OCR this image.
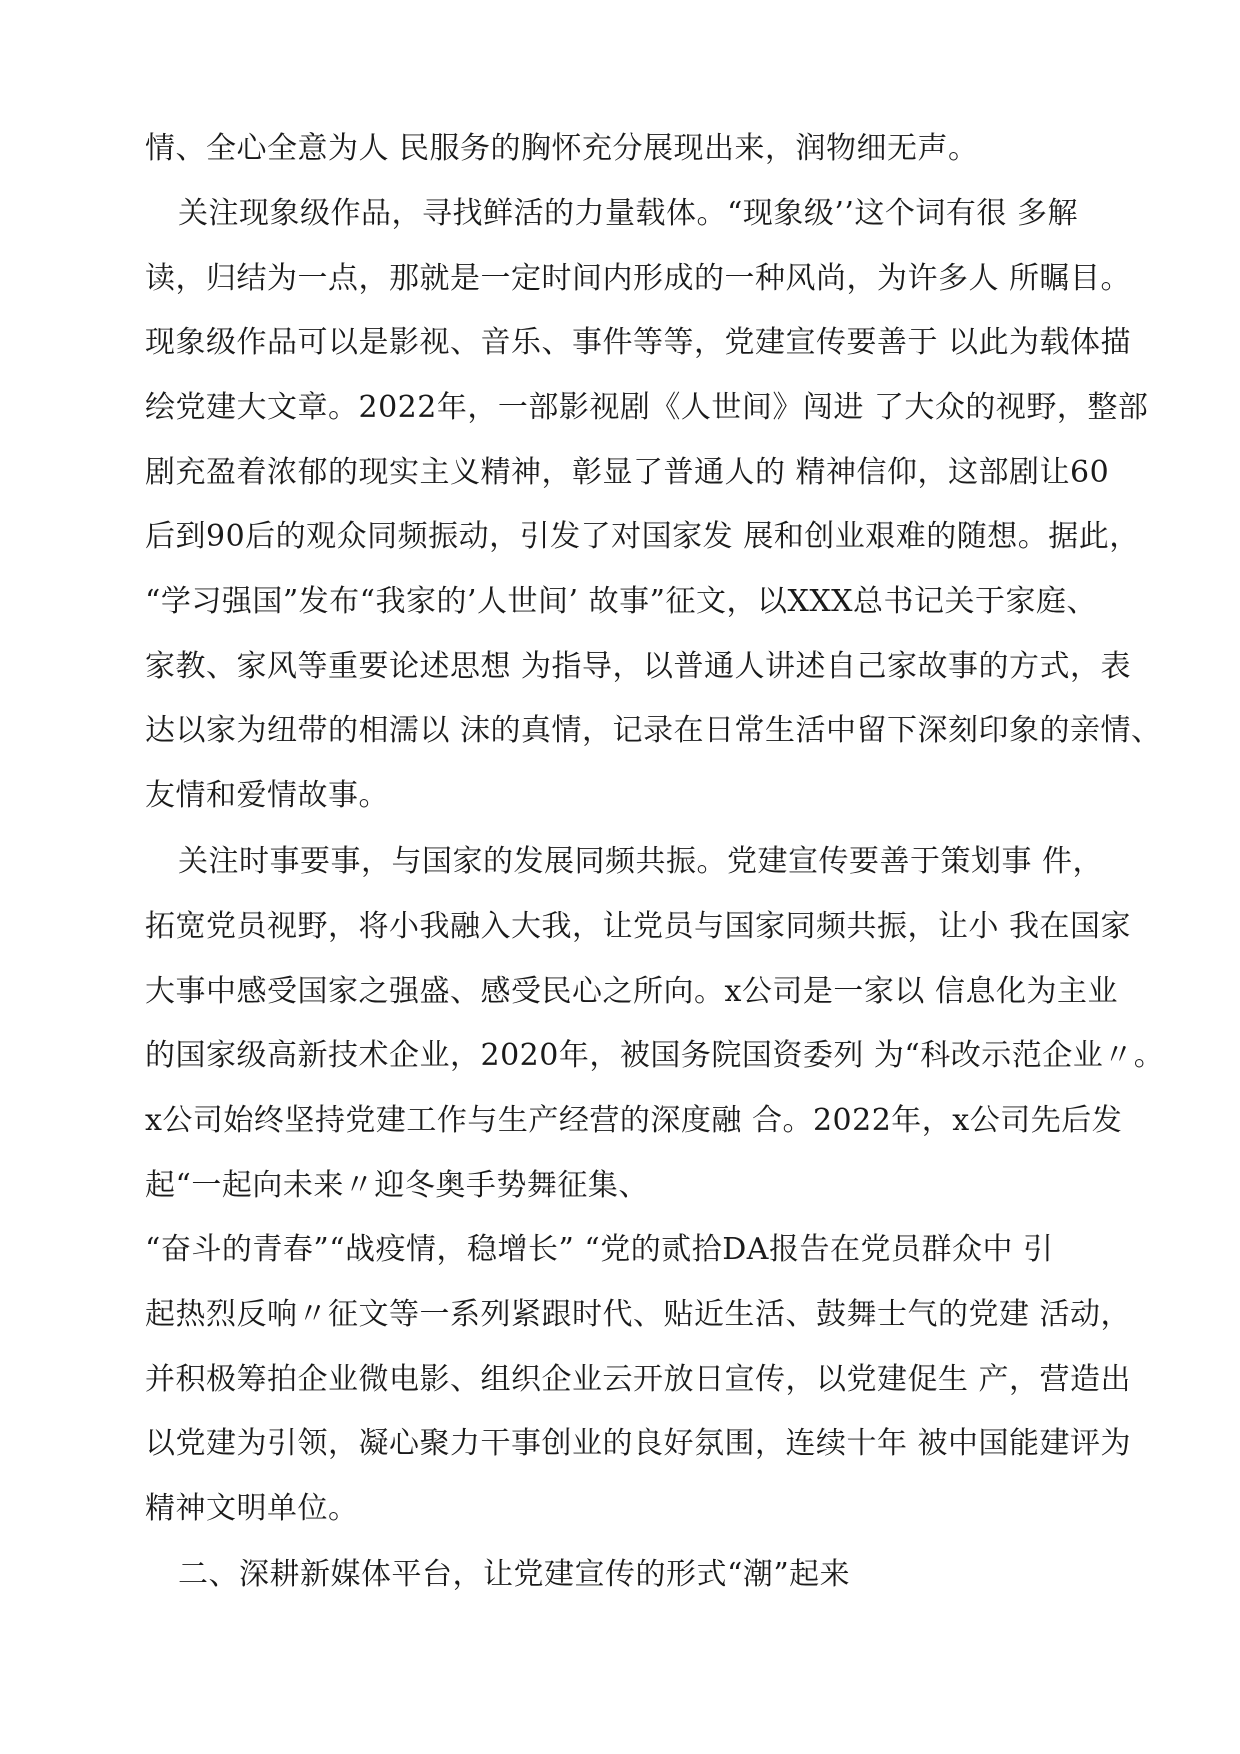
情、全心全意为人 民服务的胸怀充分展现出来，润物细无声。
关注现象级作品，寻找鲜活的力量载体。“现象级’’这个词有很 多解
读，归结为一点，那就是一定时间内形成的一种风尚，为许多人 所瞩目。
现象级作品可以是影视、音乐、事件等等，党建宣传要善于 以此为载体描
绘党建大文章。2022年，一部影视剧《人世间》闯进 了大众的视野，整部
剧充盈着浓郁的现实主义精神，彰显了普通人的 精神信仰，这部剧让60
后到90后的观众同频振动，引发了对国家发 展和创业艰难的随想。据此，
“学习强国”发布“我家的’人世间’ 故事”征文，以XXX总书记关于家庭、
家教、家风等重要论述思想 为指导，以普通人讲述自己家故事的方式，表
达以家为纽带的相濡以 沫的真情，记录在日常生活中留下深刻印象的亲情、
友情和爱情故事。
关注时事要事，与国家的发展同频共振。党建宣传要善于策划事 件，
拓宽党员视野，将小我融入大我，让党员与国家同频共振，让小 我在国家
大事中感受国家之强盛、感受民心之所向。x公司是一家以 信息化为主业
的国家级高新技术企业，2020年，被国务院国资委列 为“科改示范企业〃。
x公司始终坚持党建工作与生产经营的深度融 合。2022年，x公司先后发
起“一起向未来〃迎冬奥手势舞征集、
“奋斗的青春”“战疫情，稳增长” “党的贰拾DA报告在党员群众中 引
起热烈反响〃征文等一系列紧跟时代、贴近生活、鼓舞士气的党建 活动，
并积极筹拍企业微电影、组织企业云开放日宣传，以党建促生 产，营造出
以党建为引领，凝心聚力干事创业的良好氛围，连续十年 被中国能建评为
精神文明单位。
二、深耕新媒体平台，让党建宣传的形式“潮”起来
